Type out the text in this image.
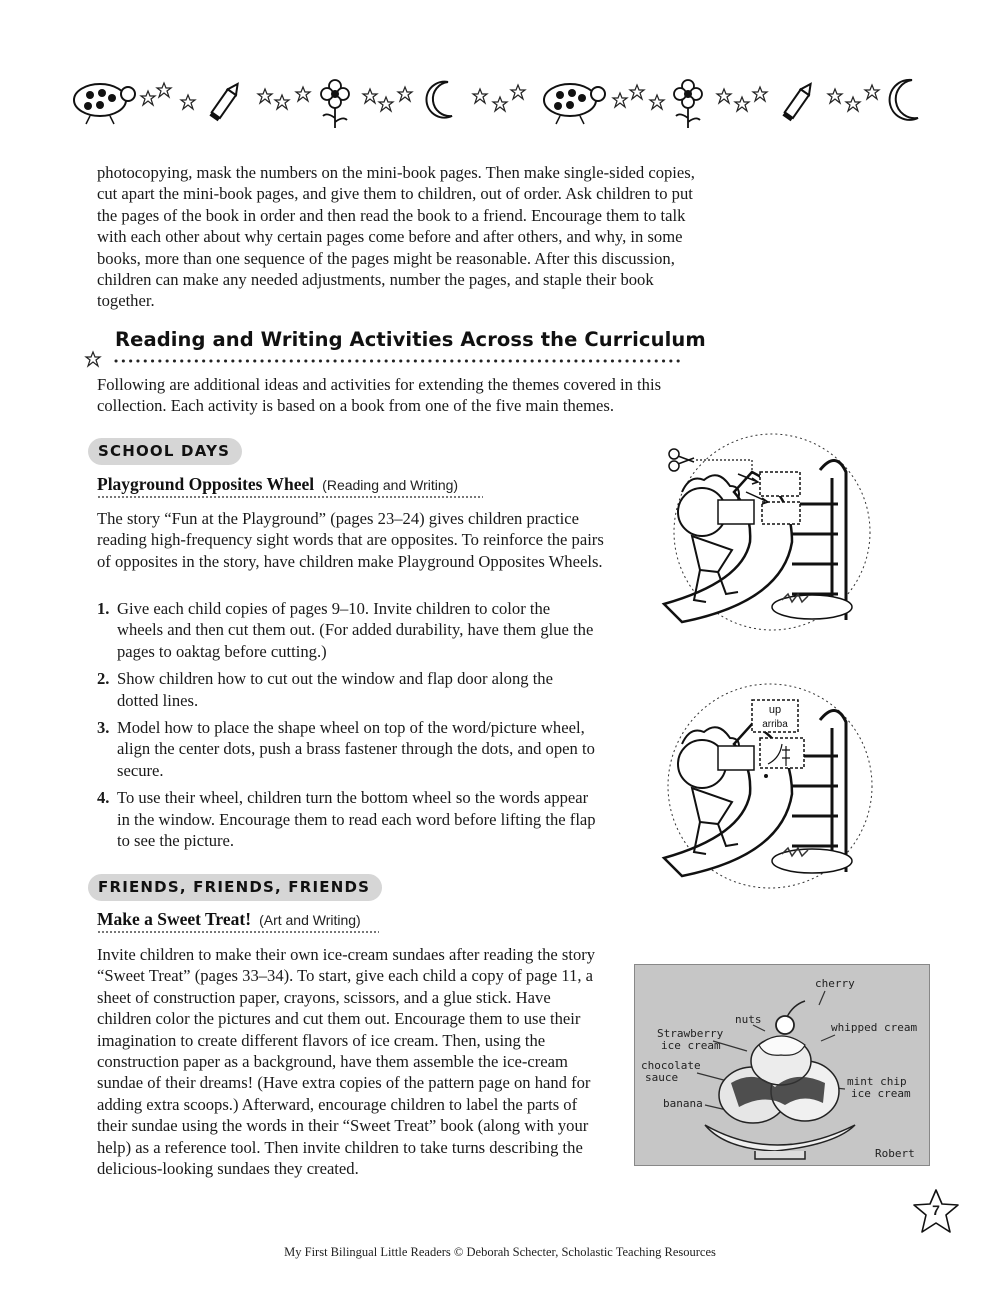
photocopying, mask the numbers on the mini-book pages. Then make single-sided copies, cut apart the mini-book pages, and give them to children, out of order. Ask children to put the pages of the book in order and then read the book to a friend. Encourage them to talk with each other about why certain pages come before and after others, and why, in some books, more than one sequence of the pages might be reasonable. After this discussion, children can make any needed adjustments, number the pages, and staple their book together.

Reading and Writing Activities Across the Curriculum

Following are additional ideas and activities for extending the themes covered in this collection. Each activity is based on a book from one of the five main themes.

SCHOOL DAYS
Playground Opposites Wheel (Reading and Writing)

The story “Fun at the Playground” (pages 23–24) gives children practice reading high-frequency sight words that are opposites. To reinforce the pairs of opposites in the story, have children make Playground Opposites Wheels.

1. Give each child copies of pages 9–10. Invite children to color the wheels and then cut them out. (For added durability, have them glue the pages to oaktag before cutting.)
2. Show children how to cut out the window and flap door along the dotted lines.
3. Model how to place the shape wheel on top of the word/picture wheel, align the center dots, push a brass fastener through the dots, and open to secure.
4. To use their wheel, children turn the bottom wheel so the words appear in the window. Encourage them to read each word before lifting the flap to see the picture.
up
arriba
FRIENDS, FRIENDS, FRIENDS
Make a Sweet Treat! (Art and Writing)

Invite children to make their own ice-cream sundaes after reading the story “Sweet Treat” (pages 33–34). To start, give each child a copy of page 11, a sheet of construction paper, crayons, scissors, and a glue stick. Have children color the pictures and cut them out. Encourage them to use their imagination to create different flavors of ice cream. Then, using the construction paper as a background, have them assemble the ice-cream sundae of their dreams! (Have extra copies of the pattern page on hand for adding extra scoops.) Afterward, encourage children to label the parts of their sundae using the words in their “Sweet Treat” book (along with your help) as a reference tool. Then invite children to take turns describing the delicious-looking sundaes they created.

cherry
nuts
Strawberry
ice cream
whipped cream
chocolate
sauce
banana
mint chip
ice cream
Robert
7
My First Bilingual Little Readers © Deborah Schecter, Scholastic Teaching Resources
